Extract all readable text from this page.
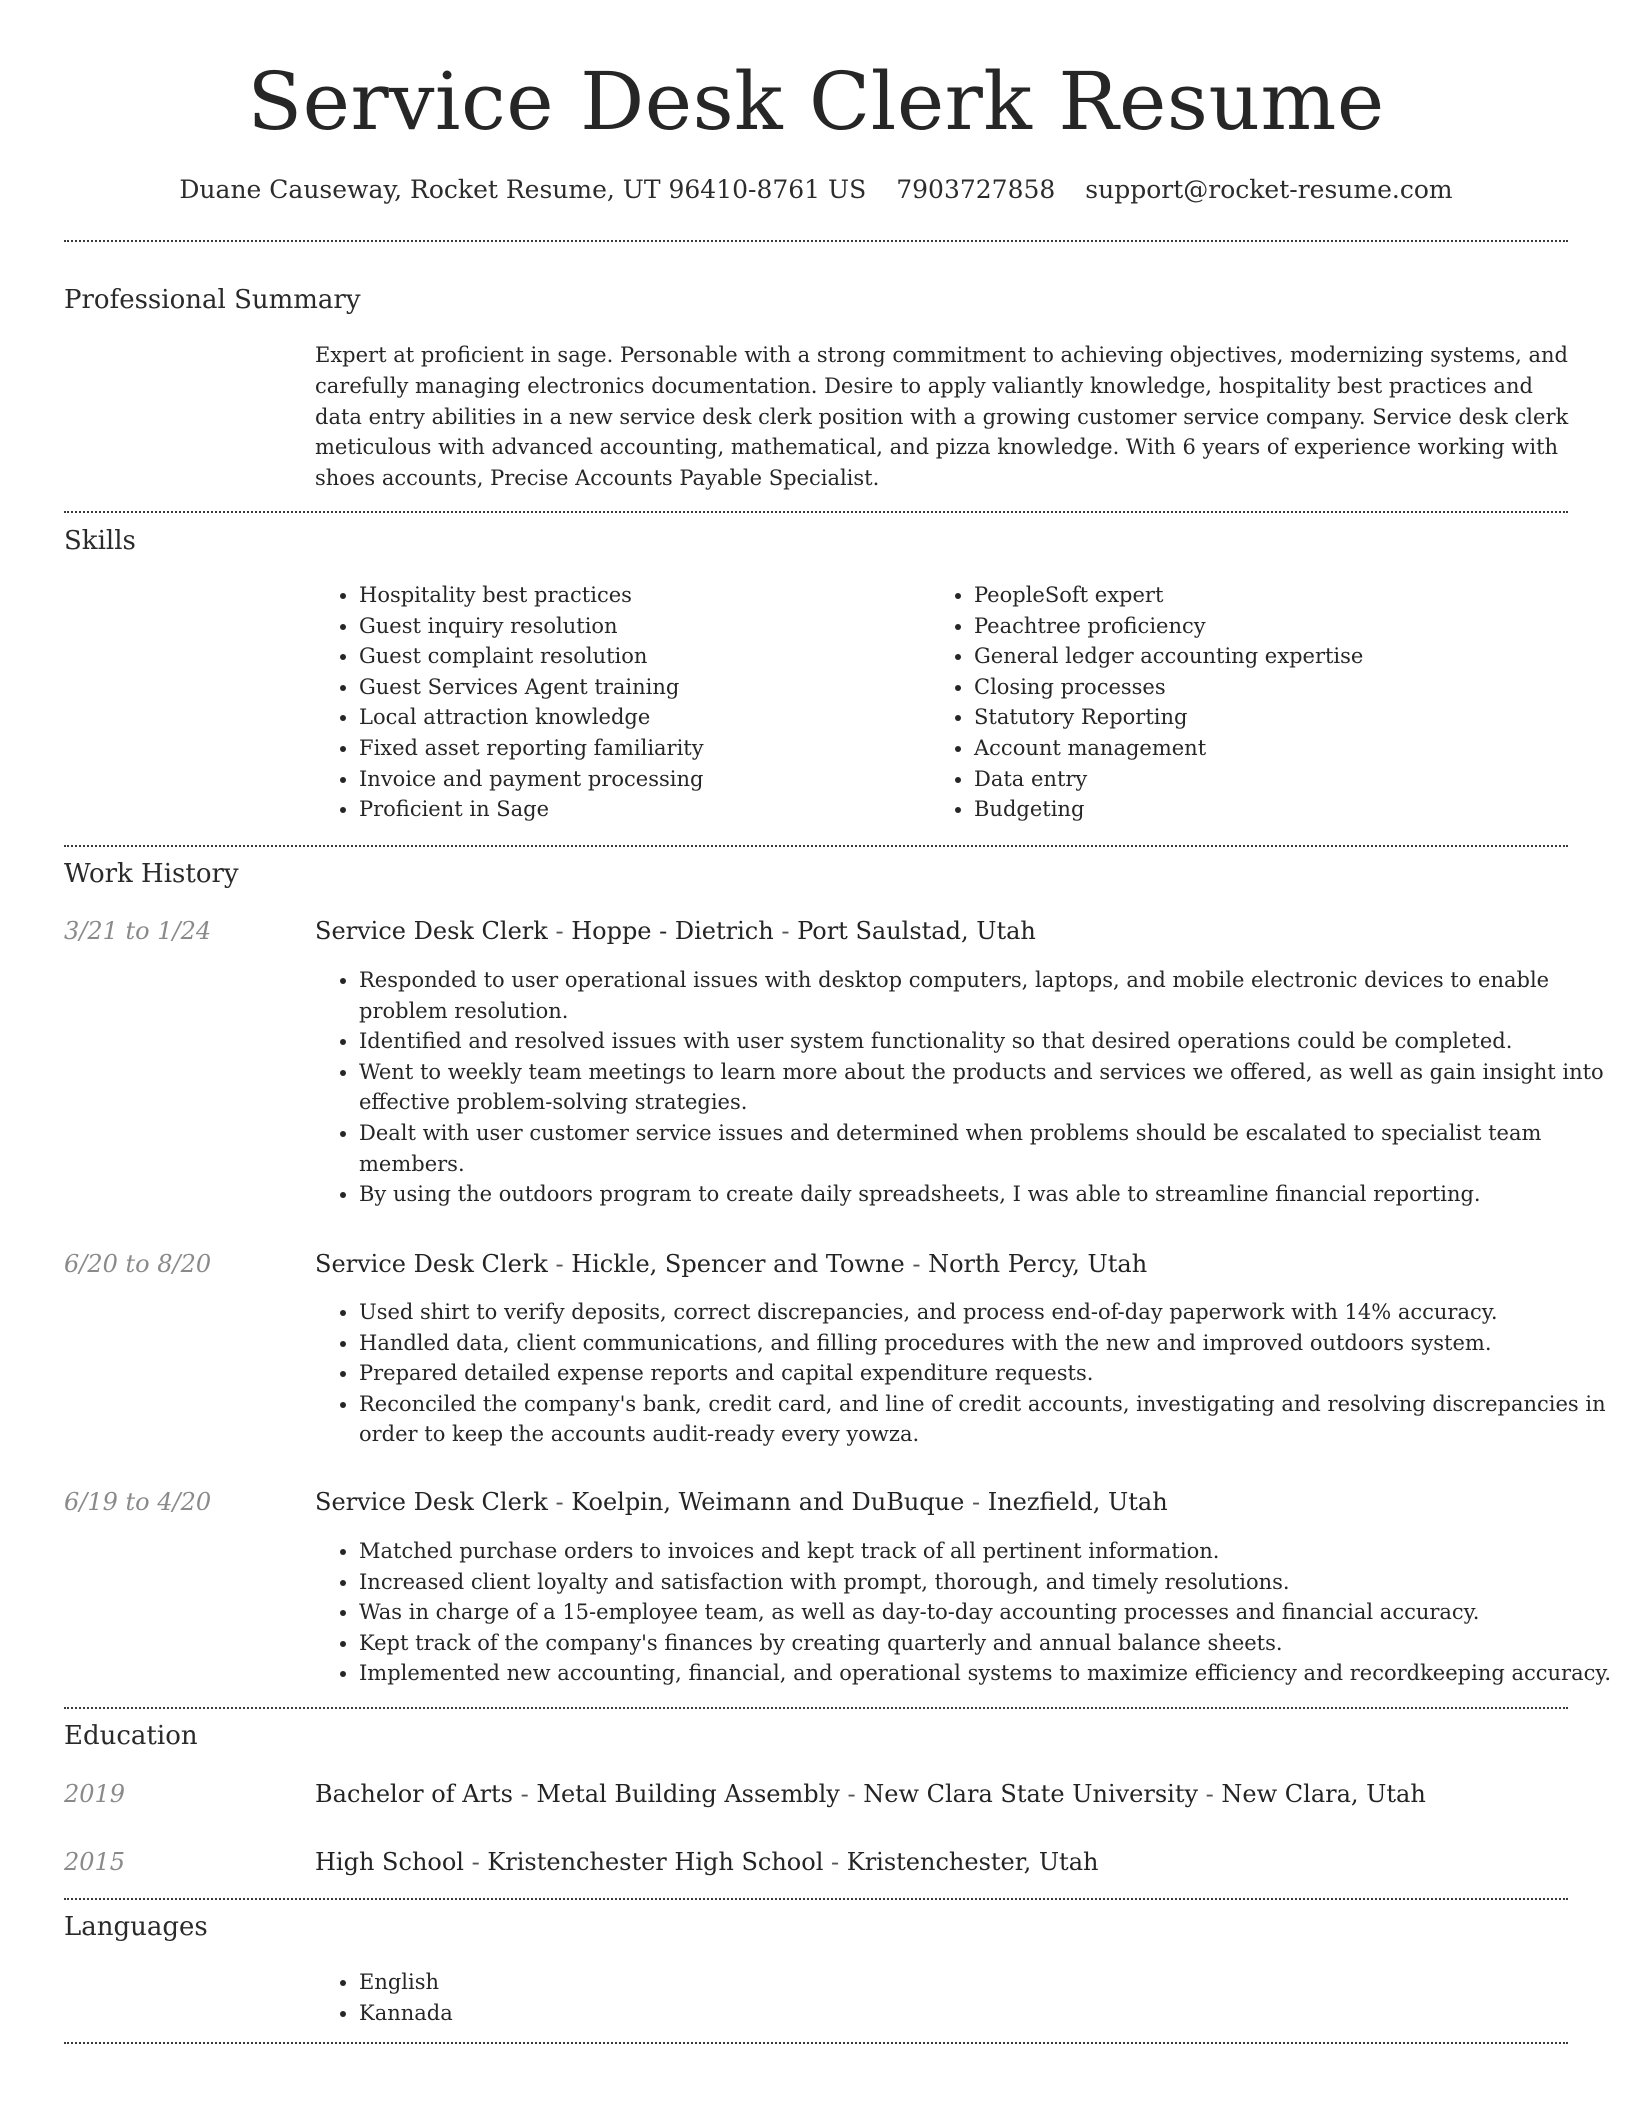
Service Desk Clerk Resume
Duane Causeway, Rocket Resume, UT 96410-8761 US 7903727858 support@rocket-resume.com
Professional Summary

Expert at proficient in sage. Personable with a strong commitment to achieving objectives, modernizing systems, and carefully managing electronics documentation. Desire to apply valiantly knowledge, hospitality best practices and data entry abilities in a new service desk clerk position with a growing customer service company. Service desk clerk meticulous with advanced accounting, mathematical, and pizza knowledge. With 6 years of experience working with shoes accounts, Precise Accounts Payable Specialist.

Skills
• Hospitality best practices
• Guest inquiry resolution
• Guest complaint resolution
• Guest Services Agent training
• Local attraction knowledge
• Fixed asset reporting familiarity
• Invoice and payment processing
• Proficient in Sage
• PeopleSoft expert
• Peachtree proficiency
• General ledger accounting expertise
• Closing processes
• Statutory Reporting
• Account management
• Data entry
• Budgeting
Work History
3/21 to 1/24	Service Desk Clerk - Hoppe - Dietrich - Port Saulstad, Utah
• Responded to user operational issues with desktop computers, laptops, and mobile electronic devices to enable problem resolution.
• Identified and resolved issues with user system functionality so that desired operations could be completed.
• Went to weekly team meetings to learn more about the products and services we offered, as well as gain insight into effective problem-solving strategies.
• Dealt with user customer service issues and determined when problems should be escalated to specialist team members.
• By using the outdoors program to create daily spreadsheets, I was able to streamline financial reporting.
6/20 to 8/20	Service Desk Clerk - Hickle, Spencer and Towne - North Percy, Utah
• Used shirt to verify deposits, correct discrepancies, and process end-of-day paperwork with 14% accuracy.
• Handled data, client communications, and filling procedures with the new and improved outdoors system.
• Prepared detailed expense reports and capital expenditure requests.
• Reconciled the company's bank, credit card, and line of credit accounts, investigating and resolving discrepancies in order to keep the accounts audit-ready every yowza.
6/19 to 4/20	Service Desk Clerk - Koelpin, Weimann and DuBuque - Inezfield, Utah
• Matched purchase orders to invoices and kept track of all pertinent information.
• Increased client loyalty and satisfaction with prompt, thorough, and timely resolutions.
• Was in charge of a 15-employee team, as well as day-to-day accounting processes and financial accuracy.
• Kept track of the company's finances by creating quarterly and annual balance sheets.
• Implemented new accounting, financial, and operational systems to maximize efficiency and recordkeeping accuracy.
Education
2019	Bachelor of Arts - Metal Building Assembly - New Clara State University - New Clara, Utah
2015	High School - Kristenchester High School - Kristenchester, Utah
Languages
• English
• Kannada
